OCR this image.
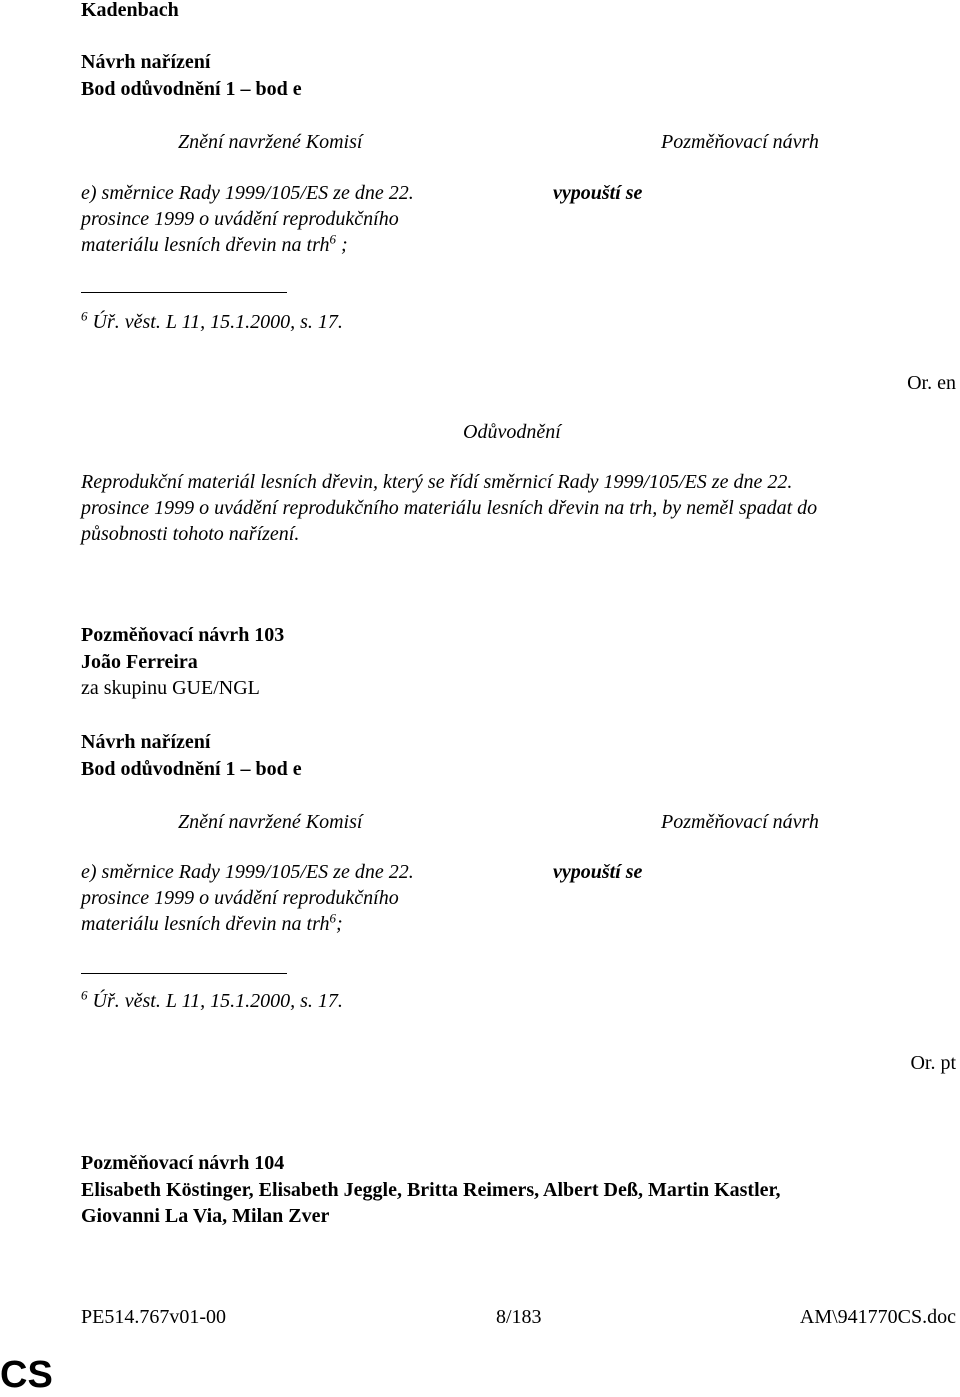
Kadenbach
Návrh nařízení
Bod odůvodnění 1 – bod e
Znění navržené Komisí	Pozměňovací návrh
e) směrnice Rady 1999/105/ES ze dne 22.
prosince 1999 o uvádění reprodukčního
materiálu lesních dřevin na trh$^6$ ;
vypouští se
$^6$ Úř. věst. L 11, 15.1.2000, s. 17.
Or. en
Odůvodnění
Reprodukční materiál lesních dřevin, který se řídí směrnicí Rady 1999/105/ES ze dne 22.
prosince 1999 o uvádění reprodukčního materiálu lesních dřevin na trh, by neměl spadat do
působnosti tohoto nařízení.
Pozměňovací návrh 103
João Ferreira
za skupinu GUE/NGL
Návrh nařízení
Bod odůvodnění 1 – bod e
Znění navržené Komisí	Pozměňovací návrh
e) směrnice Rady 1999/105/ES ze dne 22.
prosince 1999 o uvádění reprodukčního
materiálu lesních dřevin na trh$^6$;
vypouští se
$^6$ Úř. věst. L 11, 15.1.2000, s. 17.
Or. pt
Pozměňovací návrh 104
Elisabeth Köstinger, Elisabeth Jeggle, Britta Reimers, Albert Deß, Martin Kastler,
Giovanni La Via, Milan Zver
PE514.767v01-00	8/183	AM\941770CS.doc
CS
